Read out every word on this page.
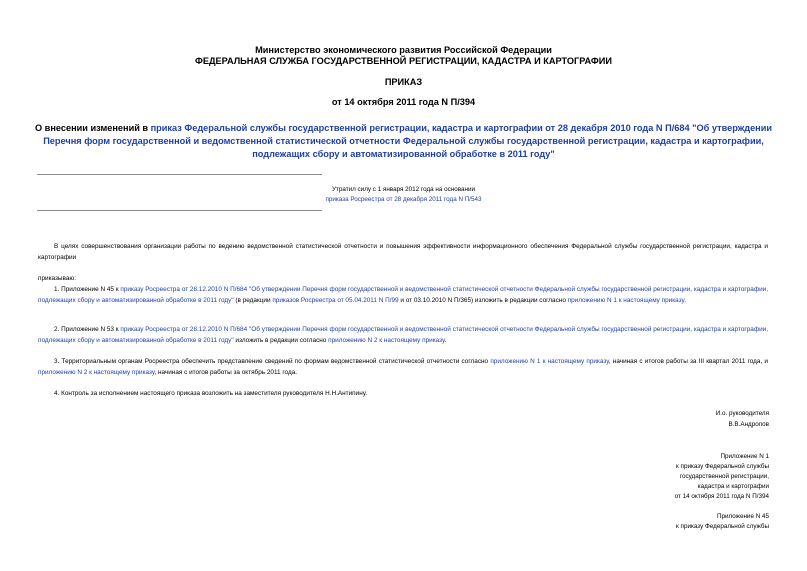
Министерство экономического развития Российской Федерации
ФЕДЕРАЛЬНАЯ СЛУЖБА ГОСУДАРСТВЕННОЙ РЕГИСТРАЦИИ, КАДАСТРА И КАРТОГРАФИИ
ПРИКАЗ
от 14 октября 2011 года N П/394
О внесении изменений в приказ Федеральной службы государственной регистрации, кадастра и картографии от 28 декабря 2010 года N П/684 "Об утверждении
Перечня форм государственной и ведомственной статистической отчетности Федеральной службы государственной регистрации, кадастра и картографии,
подлежащих сбору и автоматизированной обработке в 2011 году"
Утратил силу с 1 января 2012 года на основании
приказа Росреестра от 28 декабря 2011 года N П/543
В целях совершенствования организации работы по ведению ведомственной статистической отчетности и повышения эффективности информационного обеспечения Федеральной службы государственной регистрации, кадастра и картографии
приказываю:
1. Приложение N 45 к приказу Росреестра от 28.12.2010 N П/684 "Об утверждении Перечня форм государственной и ведомственной статистической отчетности Федеральной службы государственной регистрации, кадастра и картографии, подлежащих сбору и автоматизированной обработке в 2011 году" (в редакции приказов Росреестра от 05.04.2011 N П/99 и от 03.10.2010 N П/365) изложить в редакции согласно приложению N 1 к настоящему приказу.
2. Приложение N 53 к приказу Росреестра от 28.12.2010 N П/684 "Об утверждении Перечня форм государственной и ведомственной статистической отчетности Федеральной службы государственной регистрации, кадастра и картографии, подлежащих сбору и автоматизированной обработке в 2011 году" изложить в редакции согласно приложению N 2 к настоящему приказу.
3. Территориальным органам Росреестра обеспечить представление сведений по формам ведомственной статистической отчетности согласно приложению N 1 к настоящему приказу, начиная с итогов работы за III квартал 2011 года, и приложению N 2 к настоящему приказу, начиная с итогов работы за октябрь 2011 года.
4. Контроль за исполнением настоящего приказа возложить на заместителя руководителя Н.Н.Антипину.
И.о. руководителя
В.В.Андропов
Приложение N 1
к приказу Федеральной службы
государственной регистрации,
кадастра и картографии
от 14 октября 2011 года N П/394
Приложение N 45
к приказу Федеральной службы
